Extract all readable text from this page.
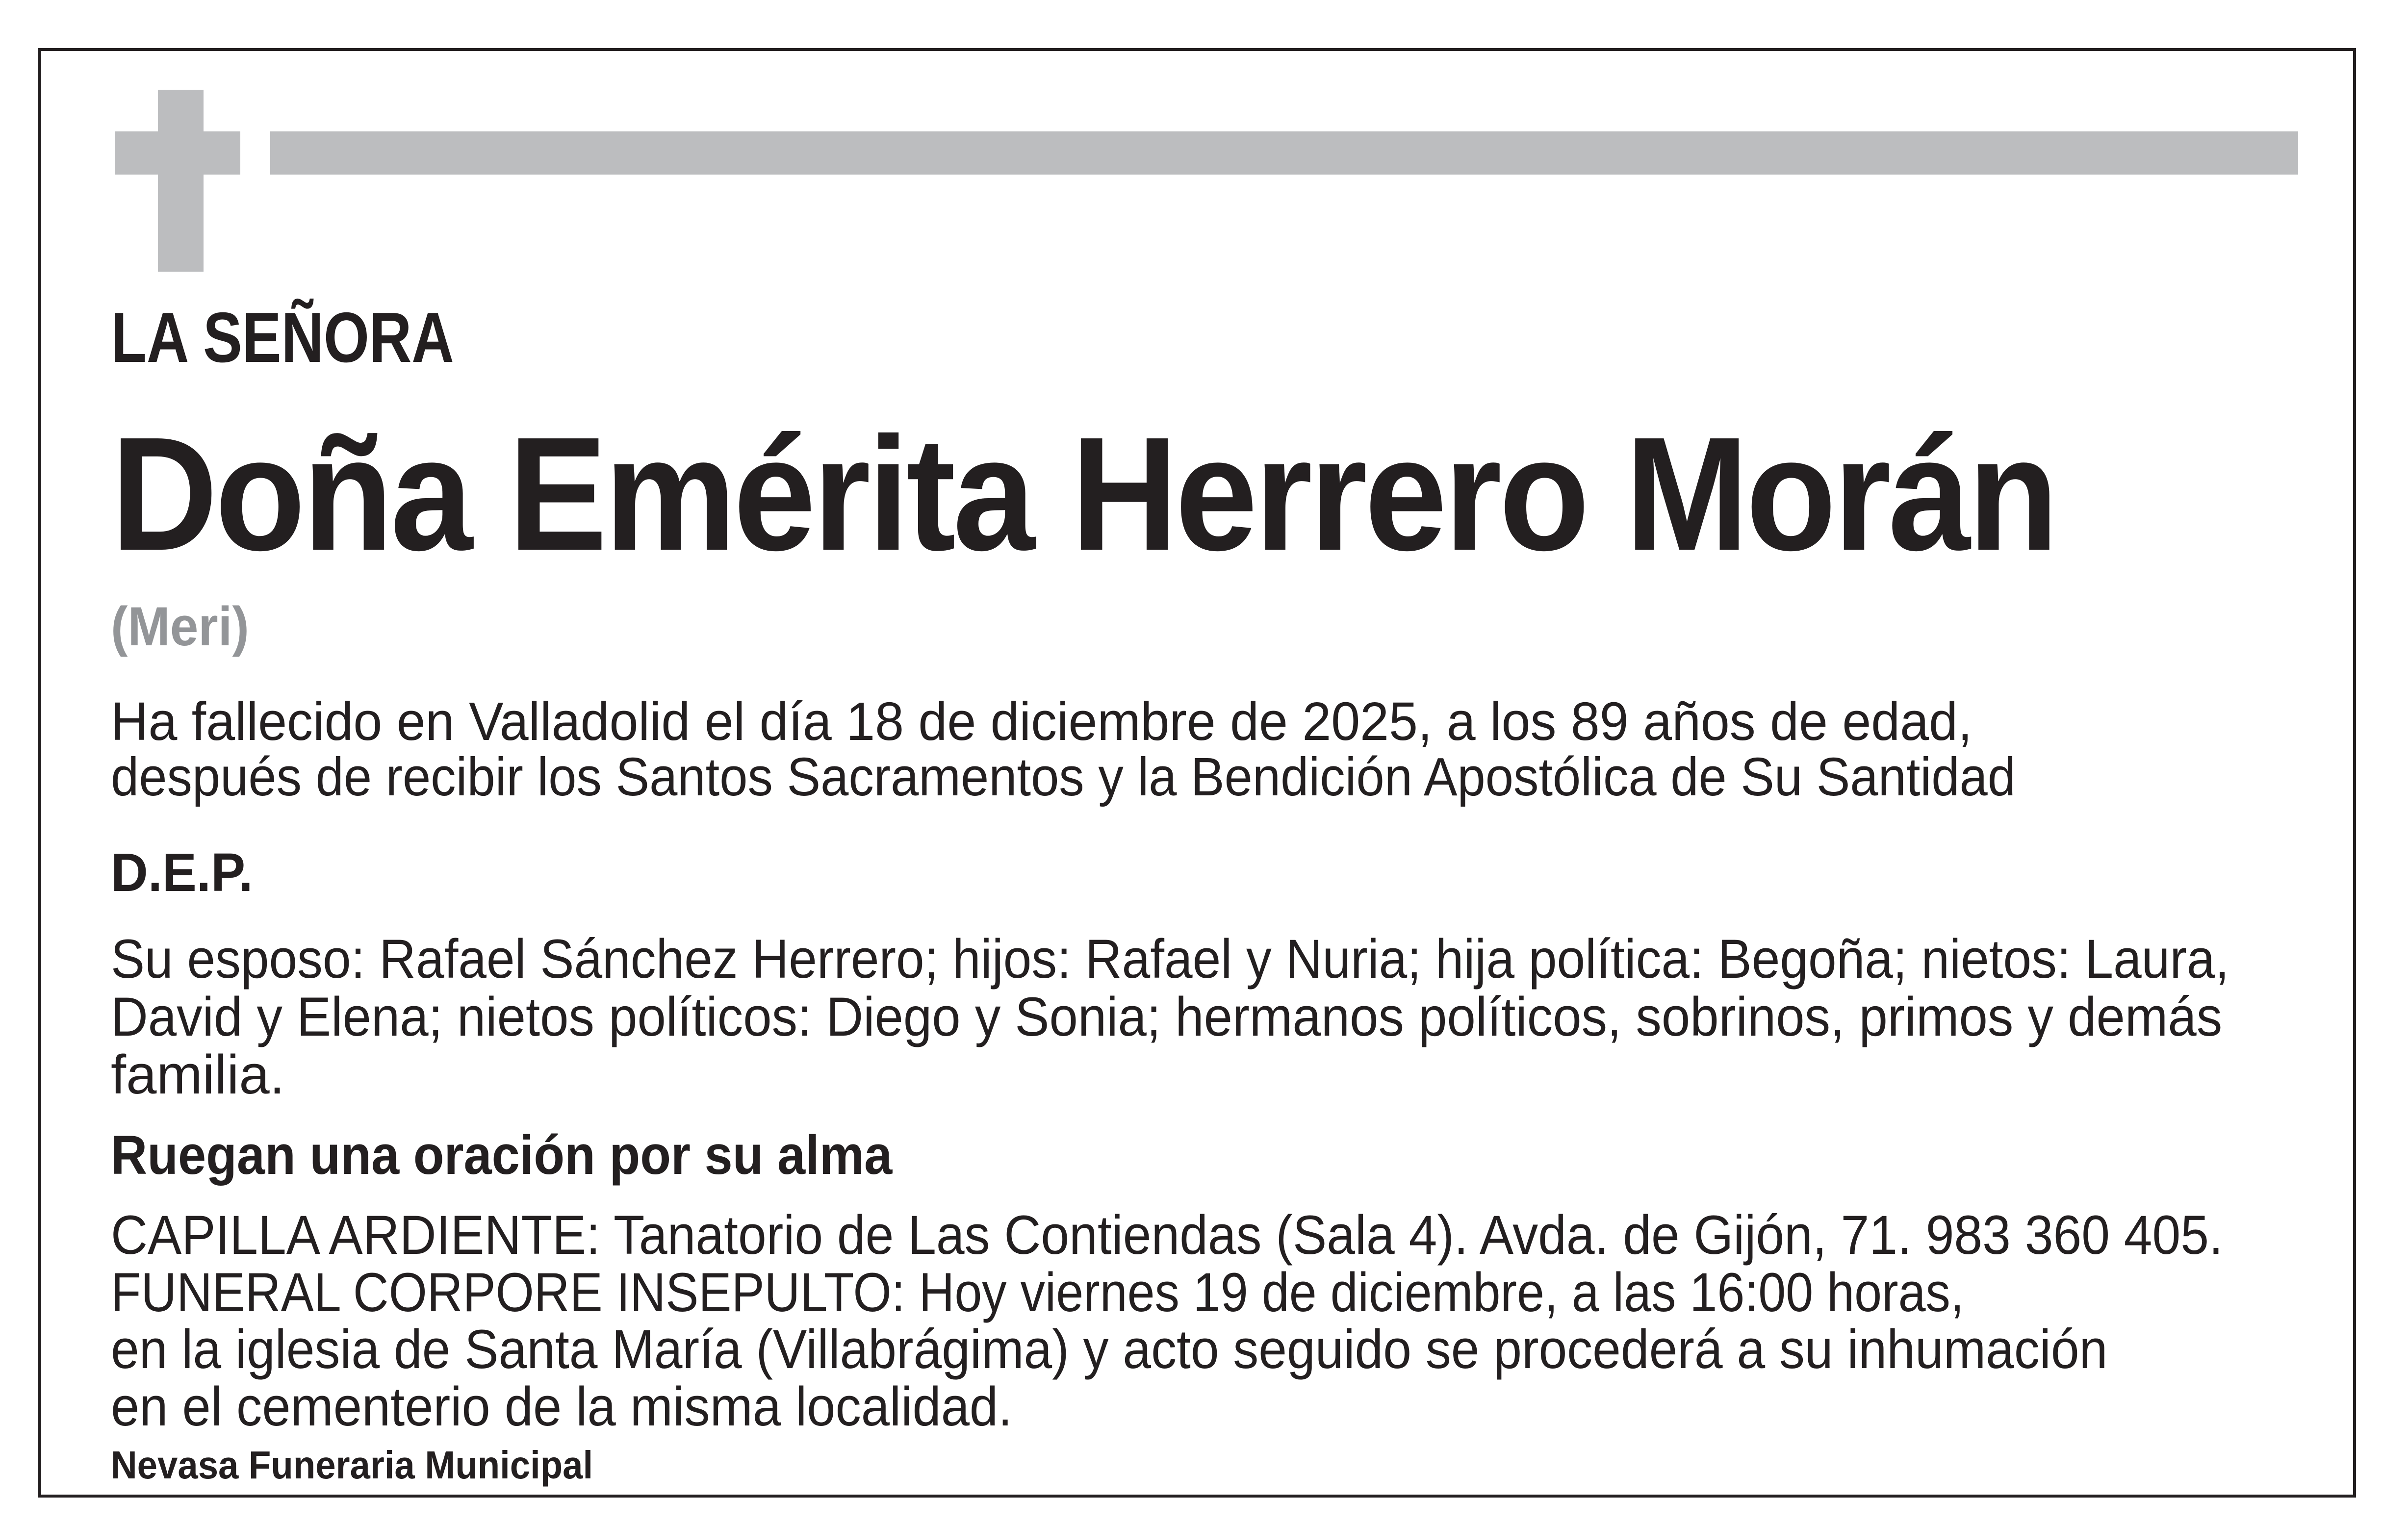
LA SEÑORA
Doña Emérita Herrero Morán
(Meri)
Ha fallecido en Valladolid el día 18 de diciembre de 2025, a los 89 años de edad,
después de recibir los Santos Sacramentos y la Bendición Apostólica de Su Santidad
D.E.P.
Su esposo: Rafael Sánchez Herrero; hijos: Rafael y Nuria; hija política: Begoña; nietos: Laura,
David y Elena; nietos políticos: Diego y Sonia; hermanos políticos, sobrinos, primos y demás
familia.
Ruegan una oración por su alma
CAPILLA ARDIENTE: Tanatorio de Las Contiendas (Sala 4). Avda. de Gijón, 71. 983 360 405.
FUNERAL CORPORE INSEPULTO: Hoy viernes 19 de diciembre, a las 16:00 horas,
en la iglesia de Santa María (Villabrágima) y acto seguido se procederá a su inhumación
en el cementerio de la misma localidad.
Nevasa Funeraria Municipal
